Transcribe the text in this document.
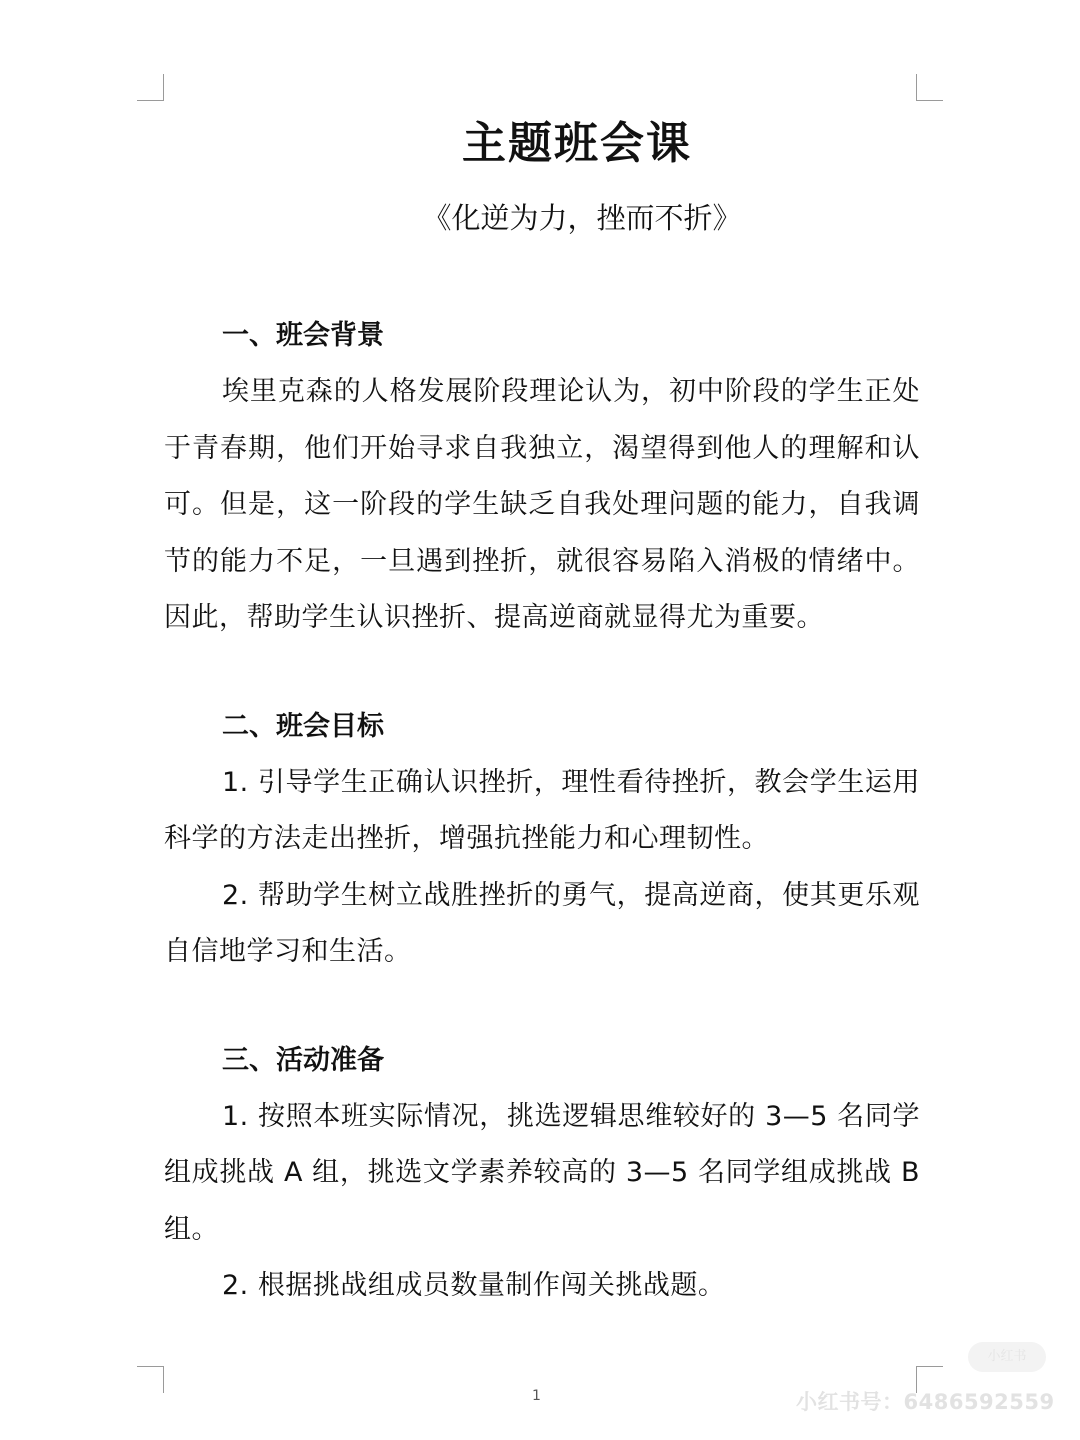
主题班会课

《化逆为力，挫而不折》

一、班会背景

埃里克森的人格发展阶段理论认为，初中阶段的学生正处于青春期，他们开始寻求自我独立，渴望得到他人的理解和认可。但是，这一阶段的学生缺乏自我处理问题的能力，自我调节的能力不足，一旦遇到挫折，就很容易陷入消极的情绪中。因此，帮助学生认识挫折、提高逆商就显得尤为重要。

二、班会目标

1. 引导学生正确认识挫折，理性看待挫折，教会学生运用科学的方法走出挫折，增强抗挫能力和心理韧性。

2. 帮助学生树立战胜挫折的勇气，提高逆商，使其更乐观自信地学习和生活。

三、活动准备

1. 按照本班实际情况，挑选逻辑思维较好的 3—5 名同学组成挑战 A 组，挑选文学素养较高的 3—5 名同学组成挑战 B 组。

2. 根据挑战组成员数量制作闯关挑战题。

1
小红书
小红书号：6486592559
